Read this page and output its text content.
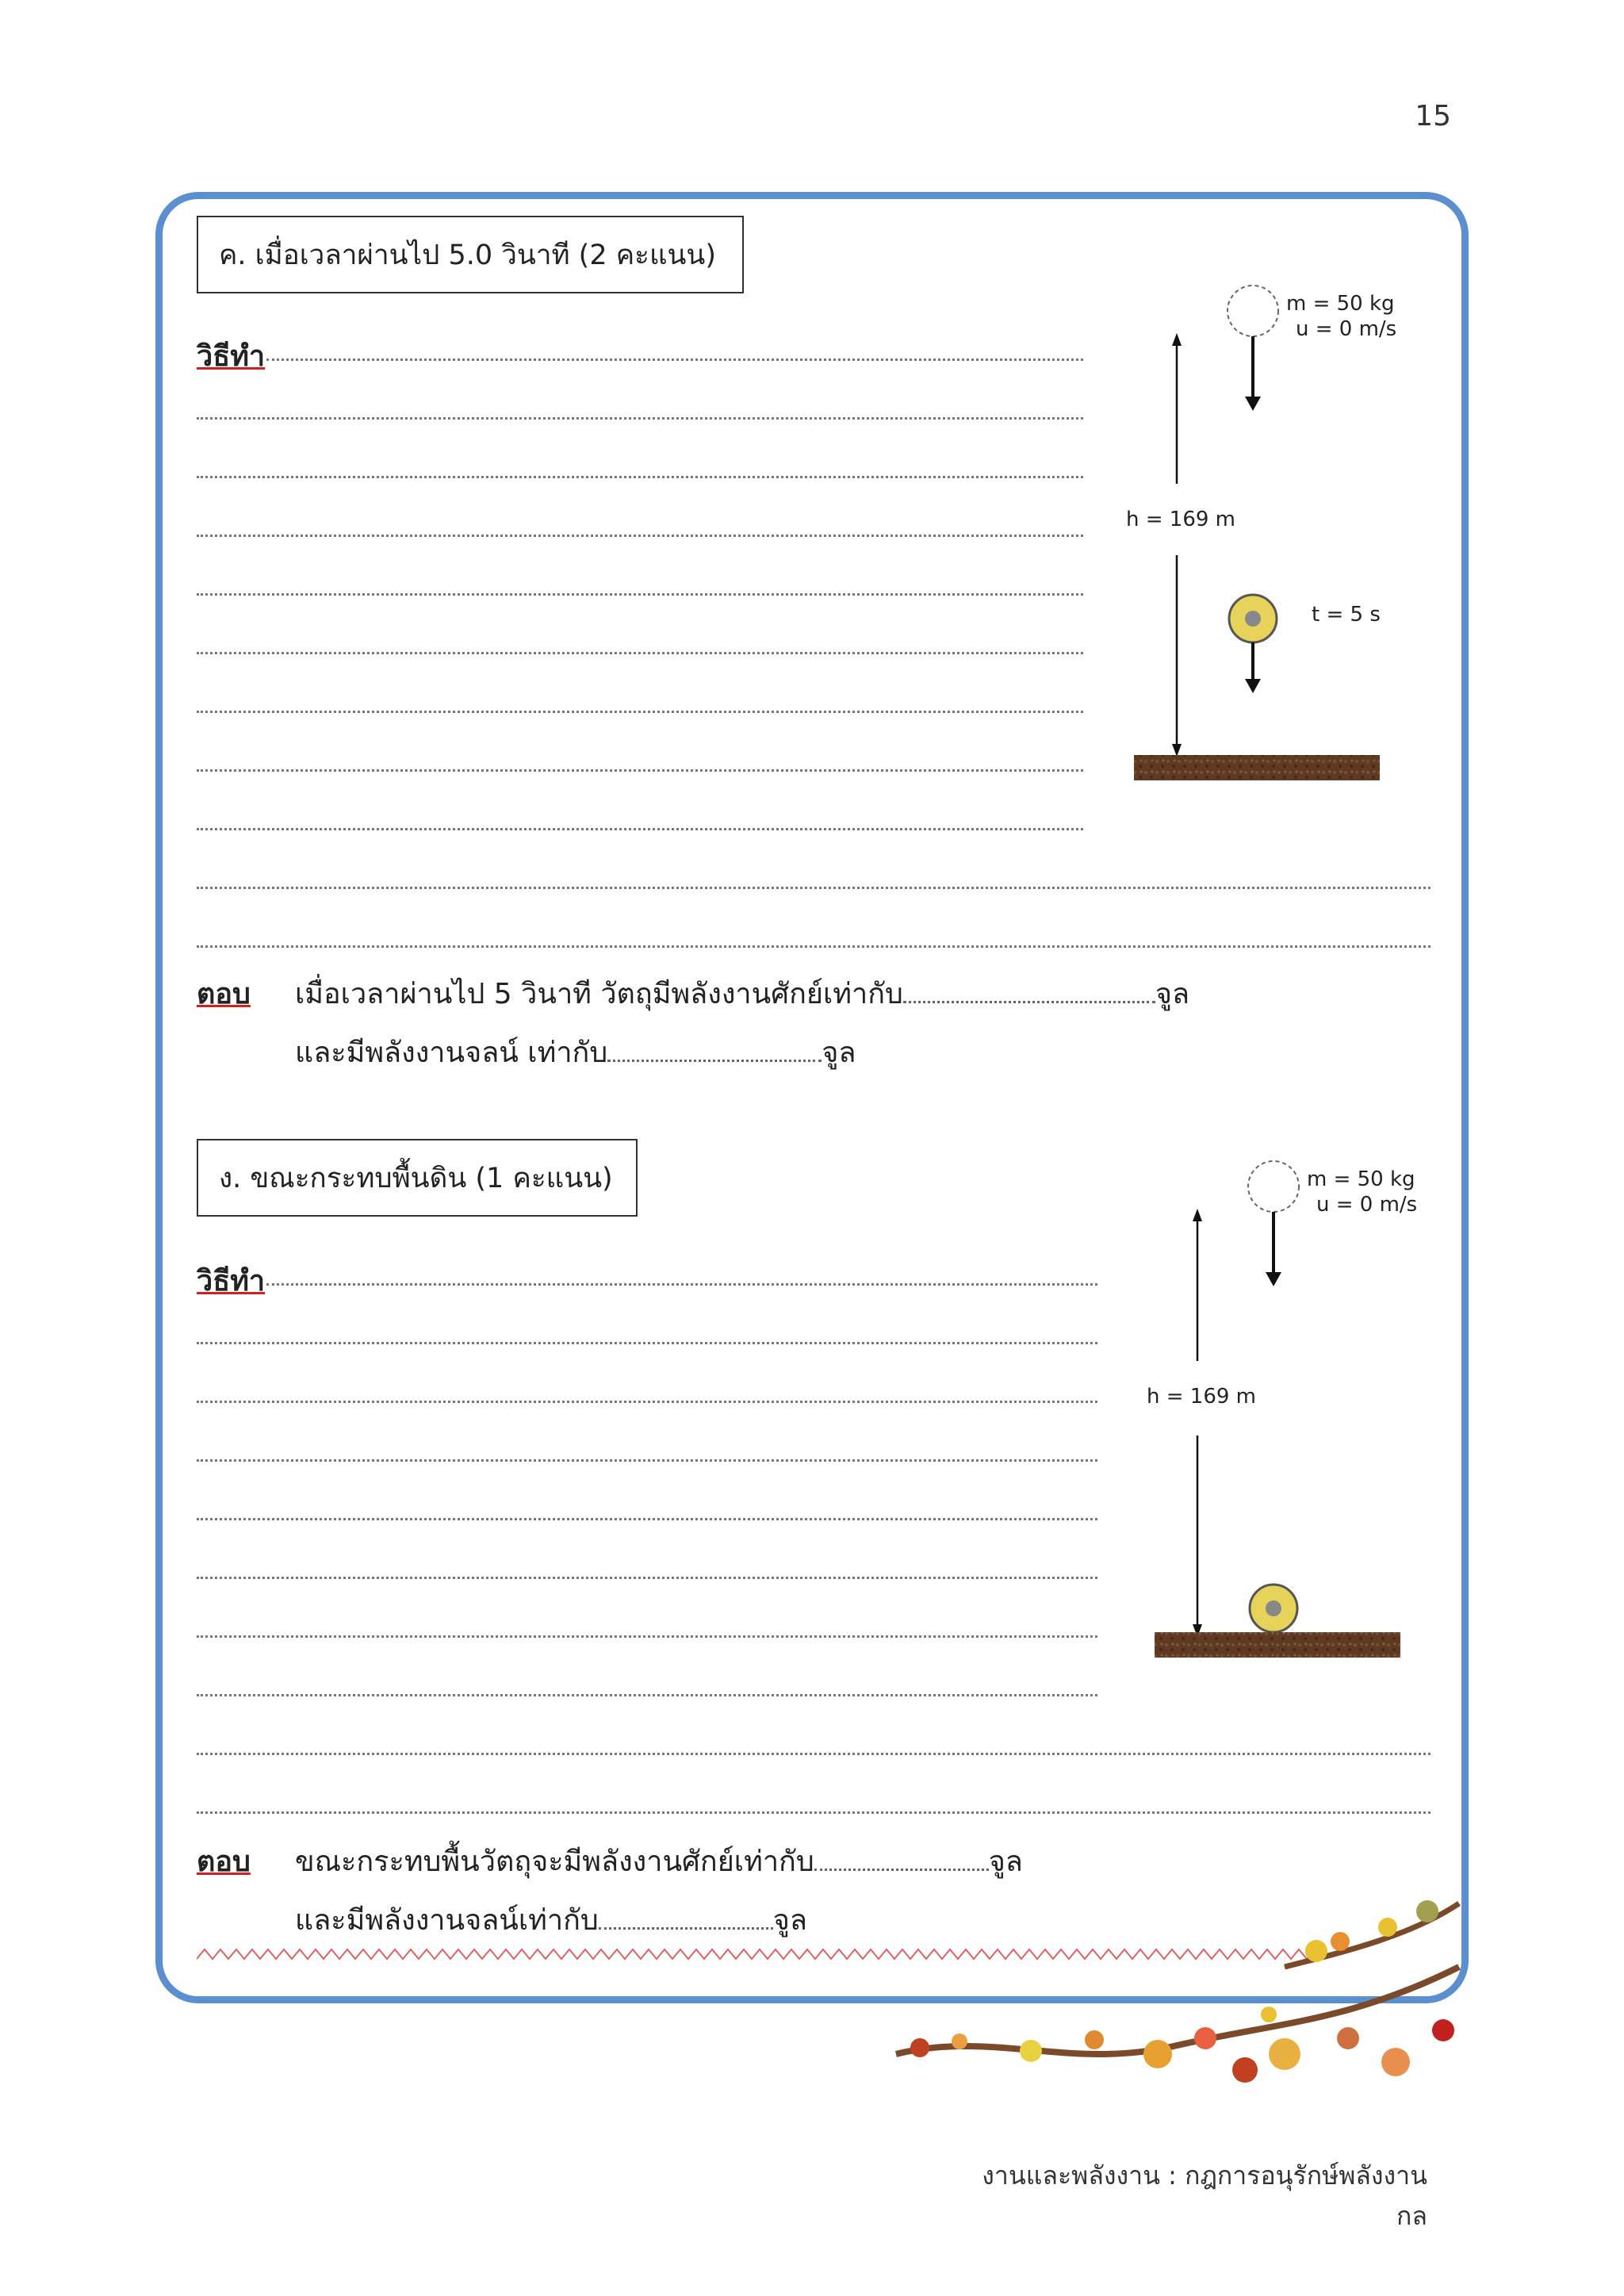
15
ค. เมื่อเวลาผ่านไป 5.0 วินาที (2 คะแนน)
วิธีทำ
ตอบ เมื่อเวลาผ่านไป 5 วินาที วัตถุมีพลังงานศักย์เท่ากับ	จูล
และมีพลังงานจลน์ เท่ากับ	จูล
m = 50 kg
u = 0 m/s
h = 169 m
t = 5 s
ง. ขณะกระทบพื้นดิน (1 คะแนน)
วิธีทำ
ตอบ ขณะกระทบพื้นวัตถุจะมีพลังงานศักย์เท่ากับ	จูล
และมีพลังงานจลน์เท่ากับ	จูล
m = 50 kg
u = 0 m/s
h = 169 m
งานและพลังงาน : กฎการอนุรักษ์พลังงานกล
